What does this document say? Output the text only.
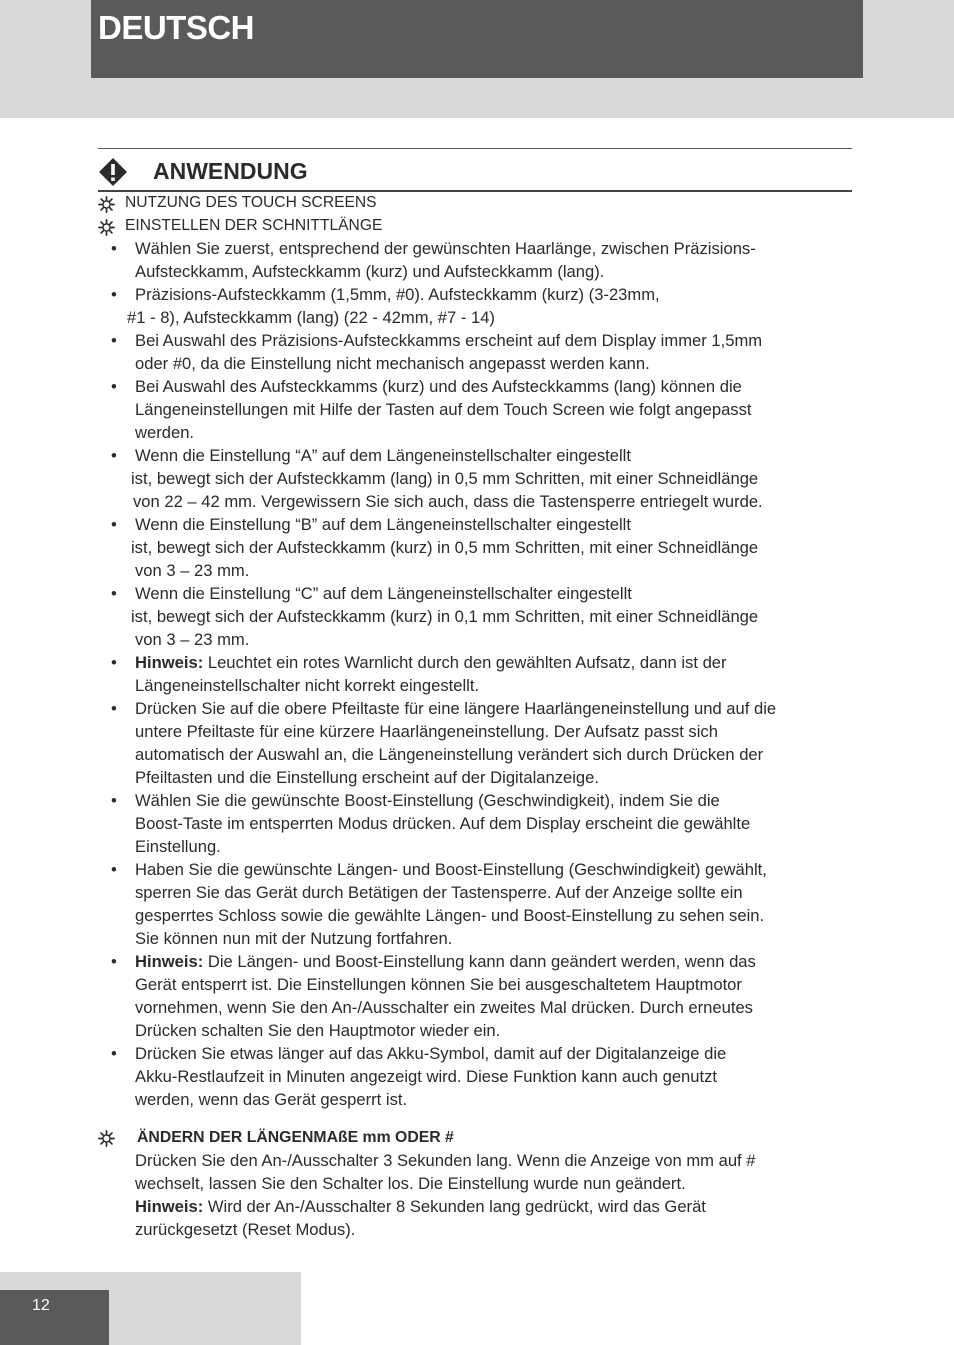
DEUTSCH
ANWENDUNG
NUTZUNG DES TOUCH SCREENS
EINSTELLEN DER SCHNITTLÄNGE
• Wählen Sie zuerst, entsprechend der gewünschten Haarlänge, zwischen Präzisions-
Aufsteckkamm, Aufsteckkamm (kurz) und Aufsteckkamm (lang).
• Präzisions-Aufsteckkamm (1,5mm, #0). Aufsteckkamm (kurz) (3-23mm,
#1 - 8), Aufsteckkamm (lang) (22 - 42mm, #7 - 14)
• Bei Auswahl des Präzisions-Aufsteckkamms erscheint auf dem Display immer 1,5mm
oder #0, da die Einstellung nicht mechanisch angepasst werden kann.
• Bei Auswahl des Aufsteckkamms (kurz) und des Aufsteckkamms (lang) können die
Längeneinstellungen mit Hilfe der Tasten auf dem Touch Screen wie folgt angepasst
werden.
• Wenn die Einstellung “A” auf dem Längeneinstellschalter eingestellt
ist, bewegt sich der Aufsteckkamm (lang) in 0,5 mm Schritten, mit einer Schneidlänge
von 22 – 42 mm. Vergewissern Sie sich auch, dass die Tastensperre entriegelt wurde.
• Wenn die Einstellung “B” auf dem Längeneinstellschalter eingestellt
ist, bewegt sich der Aufsteckkamm (kurz) in 0,5 mm Schritten, mit einer Schneidlänge
von 3 – 23 mm.
• Wenn die Einstellung “C” auf dem Längeneinstellschalter eingestellt
ist, bewegt sich der Aufsteckkamm (kurz) in 0,1 mm Schritten, mit einer Schneidlänge
von 3 – 23 mm.
• Hinweis: Leuchtet ein rotes Warnlicht durch den gewählten Aufsatz, dann ist der
Längeneinstellschalter nicht korrekt eingestellt.
• Drücken Sie auf die obere Pfeiltaste für eine längere Haarlängeneinstellung und auf die
untere Pfeiltaste für eine kürzere Haarlängeneinstellung. Der Aufsatz passt sich
automatisch der Auswahl an, die Längeneinstellung verändert sich durch Drücken der
Pfeiltasten und die Einstellung erscheint auf der Digitalanzeige.
• Wählen Sie die gewünschte Boost-Einstellung (Geschwindigkeit), indem Sie die
Boost-Taste im entsperrten Modus drücken. Auf dem Display erscheint die gewählte
Einstellung.
• Haben Sie die gewünschte Längen- und Boost-Einstellung (Geschwindigkeit) gewählt,
sperren Sie das Gerät durch Betätigen der Tastensperre. Auf der Anzeige sollte ein
gesperrtes Schloss sowie die gewählte Längen- und Boost-Einstellung zu sehen sein.
Sie können nun mit der Nutzung fortfahren.
• Hinweis: Die Längen- und Boost-Einstellung kann dann geändert werden, wenn das
Gerät entsperrt ist. Die Einstellungen können Sie bei ausgeschaltetem Hauptmotor
vornehmen, wenn Sie den An-/Ausschalter ein zweites Mal drücken. Durch erneutes
Drücken schalten Sie den Hauptmotor wieder ein.
• Drücken Sie etwas länger auf das Akku-Symbol, damit auf der Digitalanzeige die
Akku-Restlaufzeit in Minuten angezeigt wird. Diese Funktion kann auch genutzt
werden, wenn das Gerät gesperrt ist.
ÄNDERN DER LÄNGENMAßE mm ODER #
Drücken Sie den An-/Ausschalter 3 Sekunden lang. Wenn die Anzeige von mm auf #
wechselt, lassen Sie den Schalter los. Die Einstellung wurde nun geändert.
Hinweis: Wird der An-/Ausschalter 8 Sekunden lang gedrückt, wird das Gerät
zurückgesetzt (Reset Modus).
12
